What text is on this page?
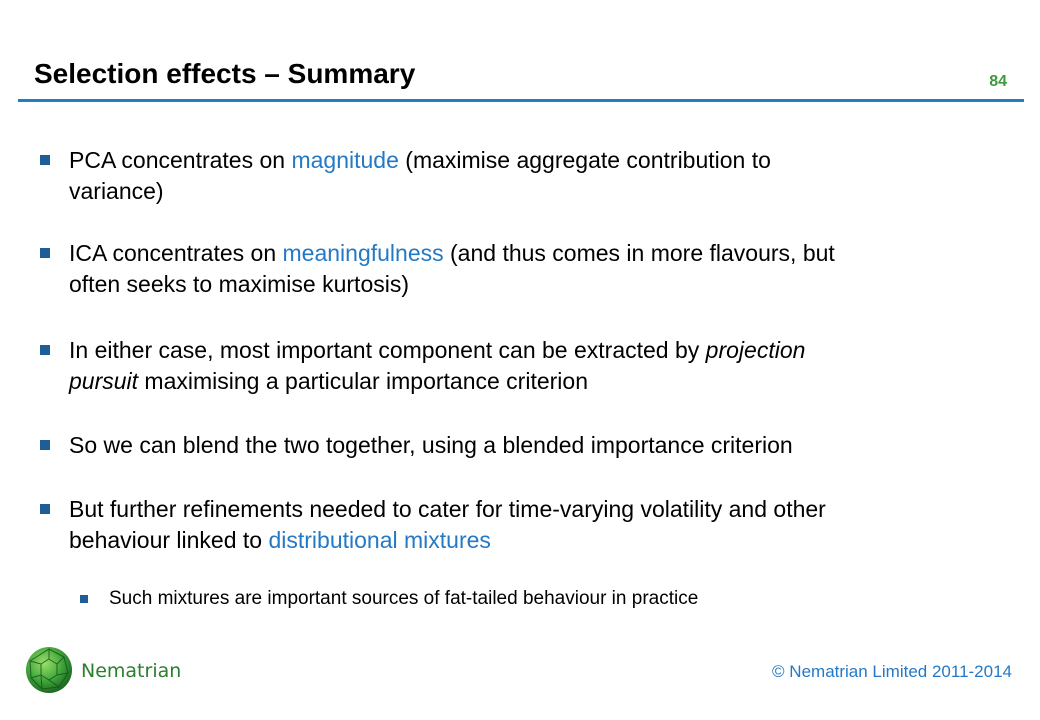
Selection effects – Summary	84
PCA concentrates on magnitude (maximise aggregate contribution to
variance)
ICA concentrates on meaningfulness (and thus comes in more flavours, but
often seeks to maximise kurtosis)
In either case, most important component can be extracted by projection
pursuit maximising a particular importance criterion
So we can blend the two together, using a blended importance criterion
But further refinements needed to cater for time-varying volatility and other
behaviour linked to distributional mixtures
Such mixtures are important sources of fat-tailed behaviour in practice
Nematrian	© Nematrian Limited 2011-2014
